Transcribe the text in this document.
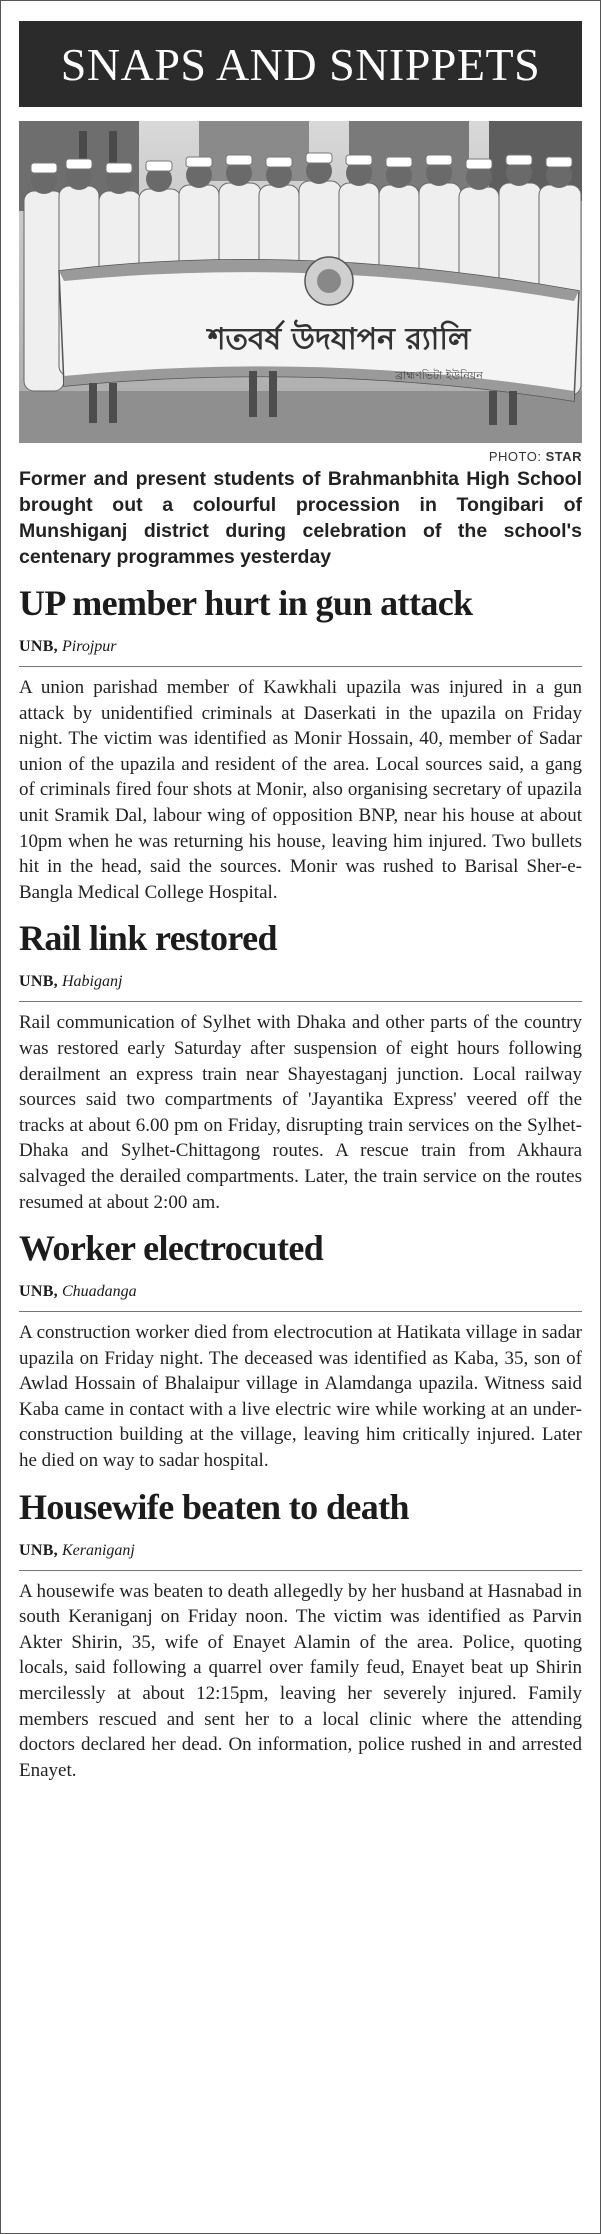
SNAPS AND SNIPPETS
শতবর্ষ উদযাপন র‍্যালি
ব্রাহ্মণভিটা ইউনিয়ন
PHOTO: STAR
Former and present students of Brahmanbhita High School brought out a colourful procession in Tongibari of Munshiganj district during celebration of the school's centenary programmes yesterday
UP member hurt in gun attack
UNB, Pirojpur
A union parishad member of Kawkhali upazila was injured in a gun attack by unidentified criminals at Daserkati in the upazila on Friday night. The victim was identified as Monir Hossain, 40, member of Sadar union of the upazila and resident of the area. Local sources said, a gang of criminals fired four shots at Monir, also organising secretary of upazila unit Sramik Dal, labour wing of opposition BNP, near his house at about 10pm when he was returning his house, leaving him injured. Two bullets hit in the head, said the sources. Monir was rushed to Barisal Sher-e-Bangla Medical College Hospital.
Rail link restored
UNB, Habiganj
Rail communication of Sylhet with Dhaka and other parts of the country was restored early Saturday after suspension of eight hours following derailment an express train near Shayestaganj junction. Local railway sources said two compartments of 'Jayantika Express' veered off the tracks at about 6.00 pm on Friday, disrupting train services on the Sylhet-Dhaka and Sylhet-Chittagong routes. A rescue train from Akhaura salvaged the derailed compartments. Later, the train service on the routes resumed at about 2:00 am.
Worker electrocuted
UNB, Chuadanga
A construction worker died from electrocution at Hatikata village in sadar upazila on Friday night. The deceased was identified as Kaba, 35, son of Awlad Hossain of Bhalaipur village in Alamdanga upazila. Witness said Kaba came in contact with a live electric wire while working at an under-construction building at the village, leaving him critically injured. Later he died on way to sadar hospital.
Housewife beaten to death
UNB, Keraniganj
A housewife was beaten to death allegedly by her husband at Hasnabad in south Keraniganj on Friday noon. The victim was identified as Parvin Akter Shirin, 35, wife of Enayet Alamin of the area. Police, quoting locals, said following a quarrel over family feud, Enayet beat up Shirin mercilessly at about 12:15pm, leaving her severely injured. Family members rescued and sent her to a local clinic where the attending doctors declared her dead. On information, police rushed in and arrested Enayet.
